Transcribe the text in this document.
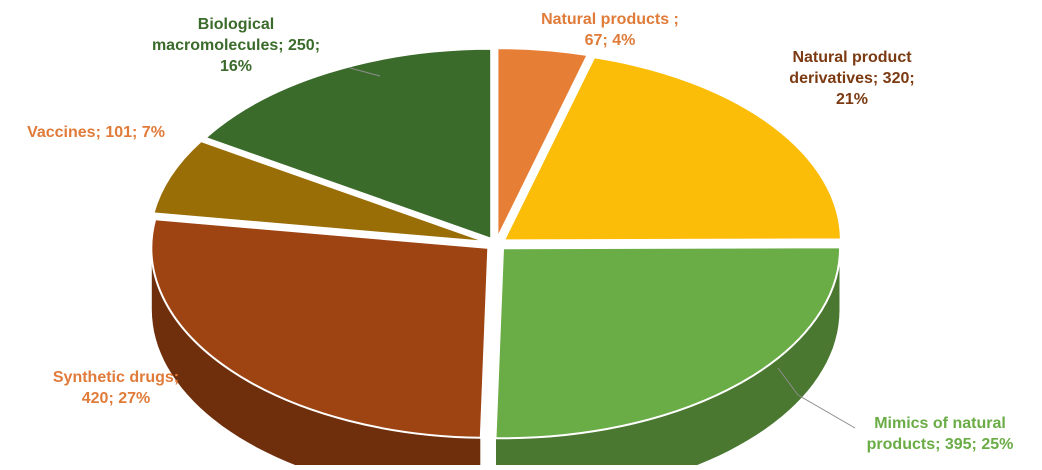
Natural products ; 67; 4%
Natural product derivatives; 320; 21%
Mimics of natural products; 395; 25%
Synthetic drugs; 420; 27%
Vaccines; 101; 7%
Biological macromolecules; 250; 16%
